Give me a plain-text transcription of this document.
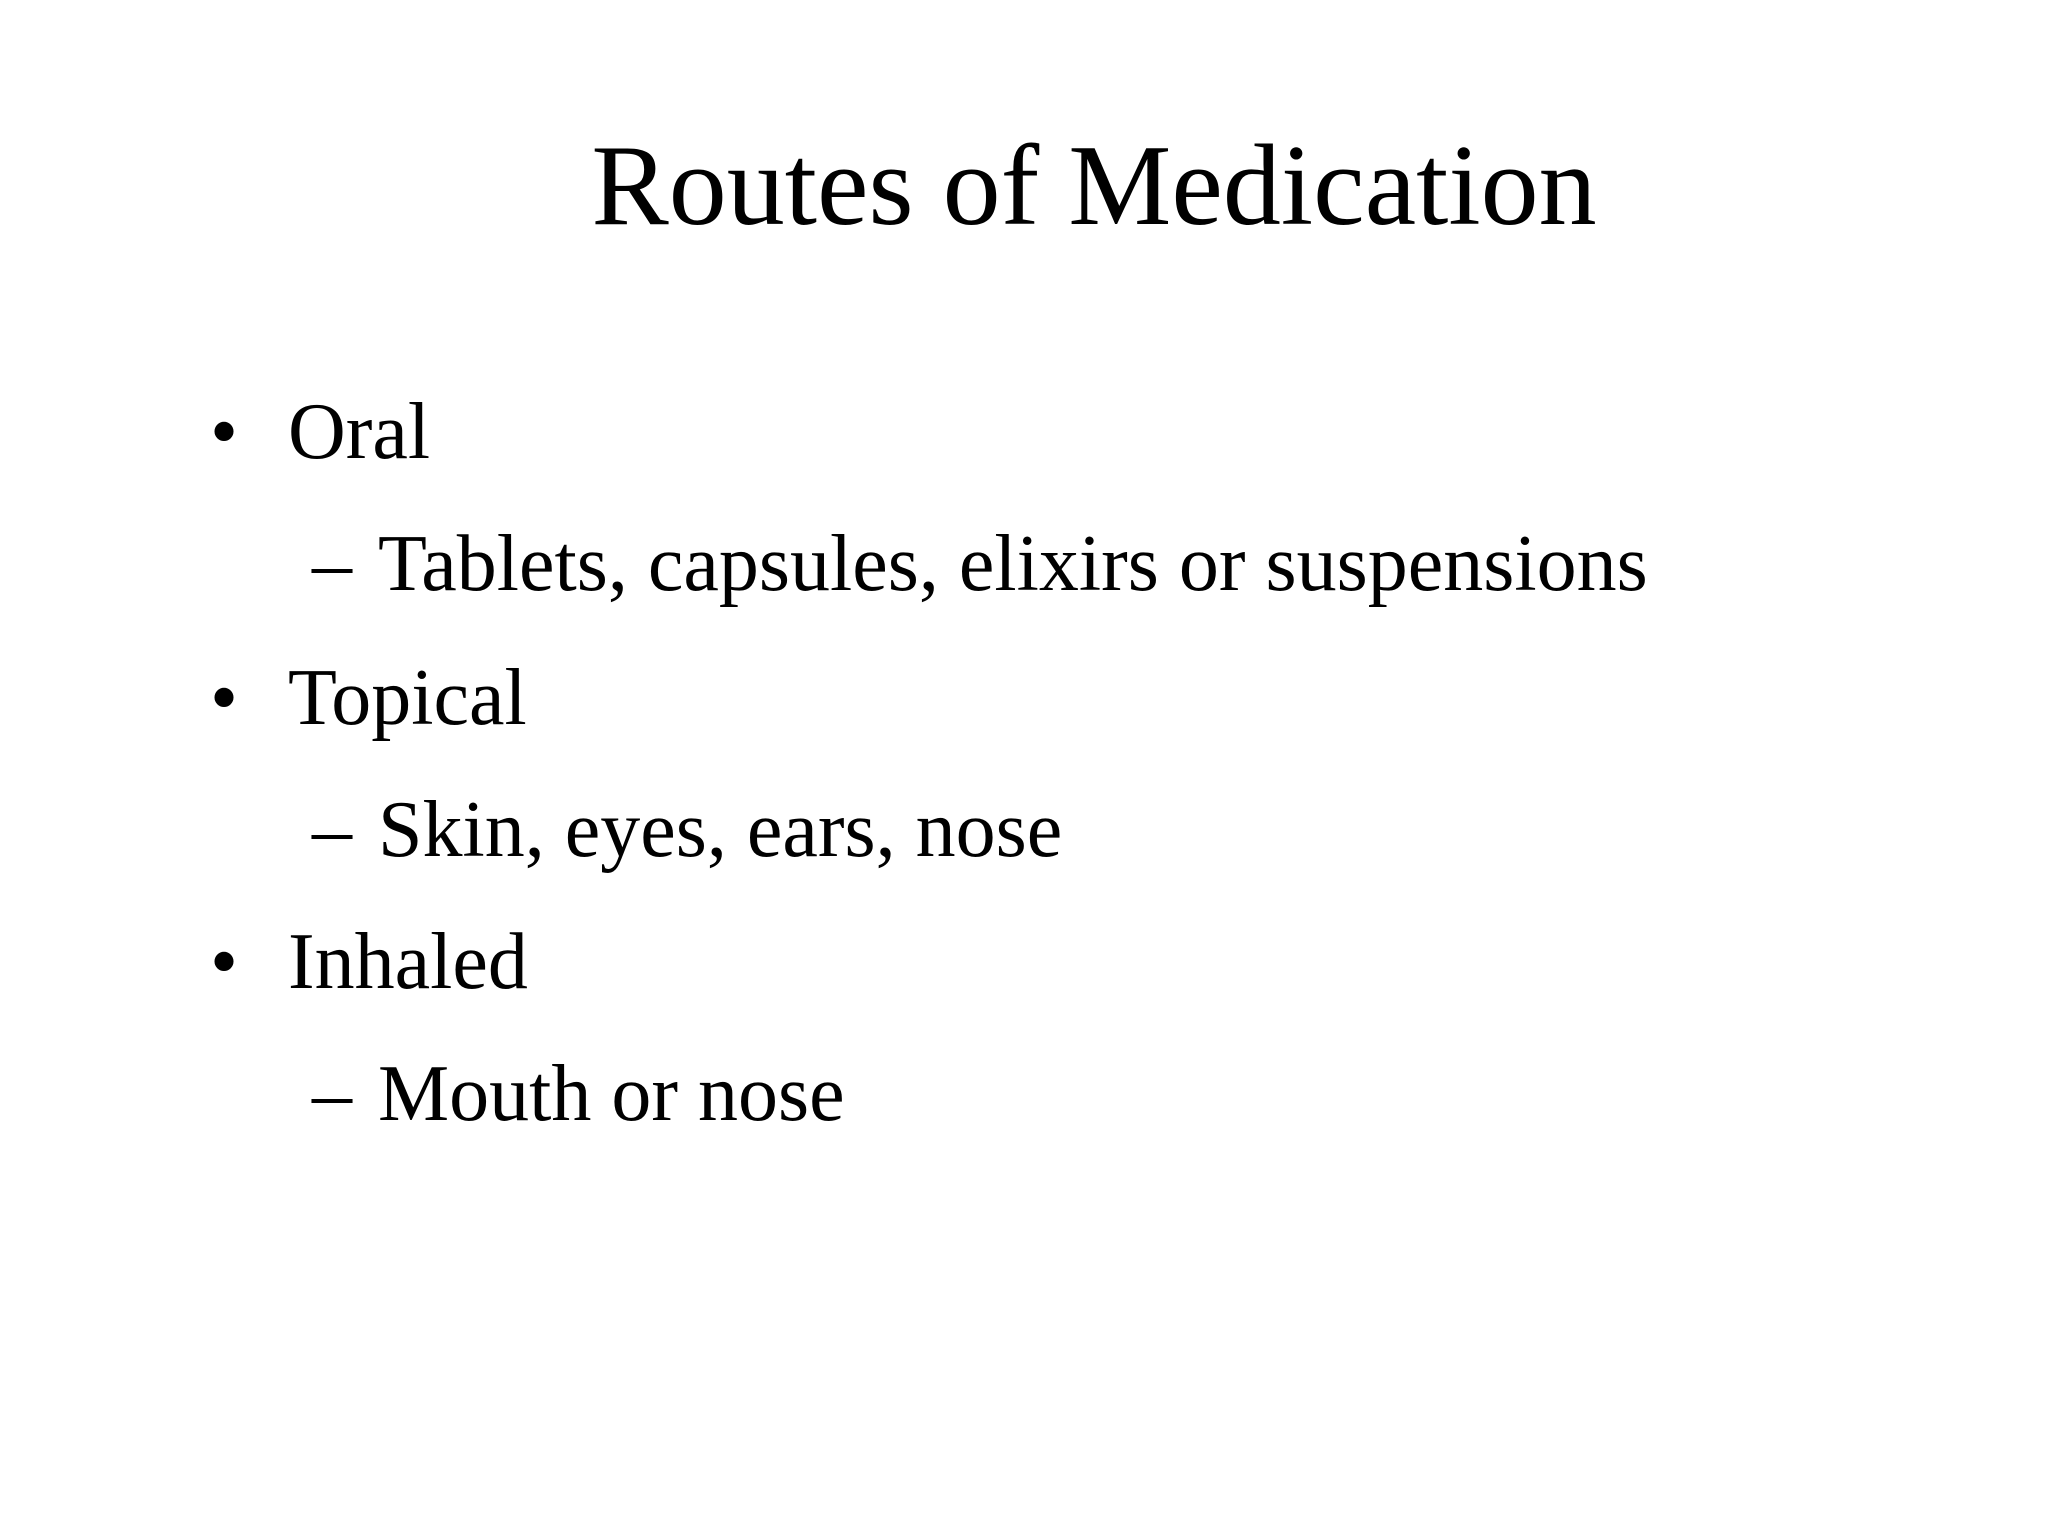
Routes of Medication
• Oral
– Tablets, capsules, elixirs or suspensions
• Topical
– Skin, eyes, ears, nose
• Inhaled
– Mouth or nose
